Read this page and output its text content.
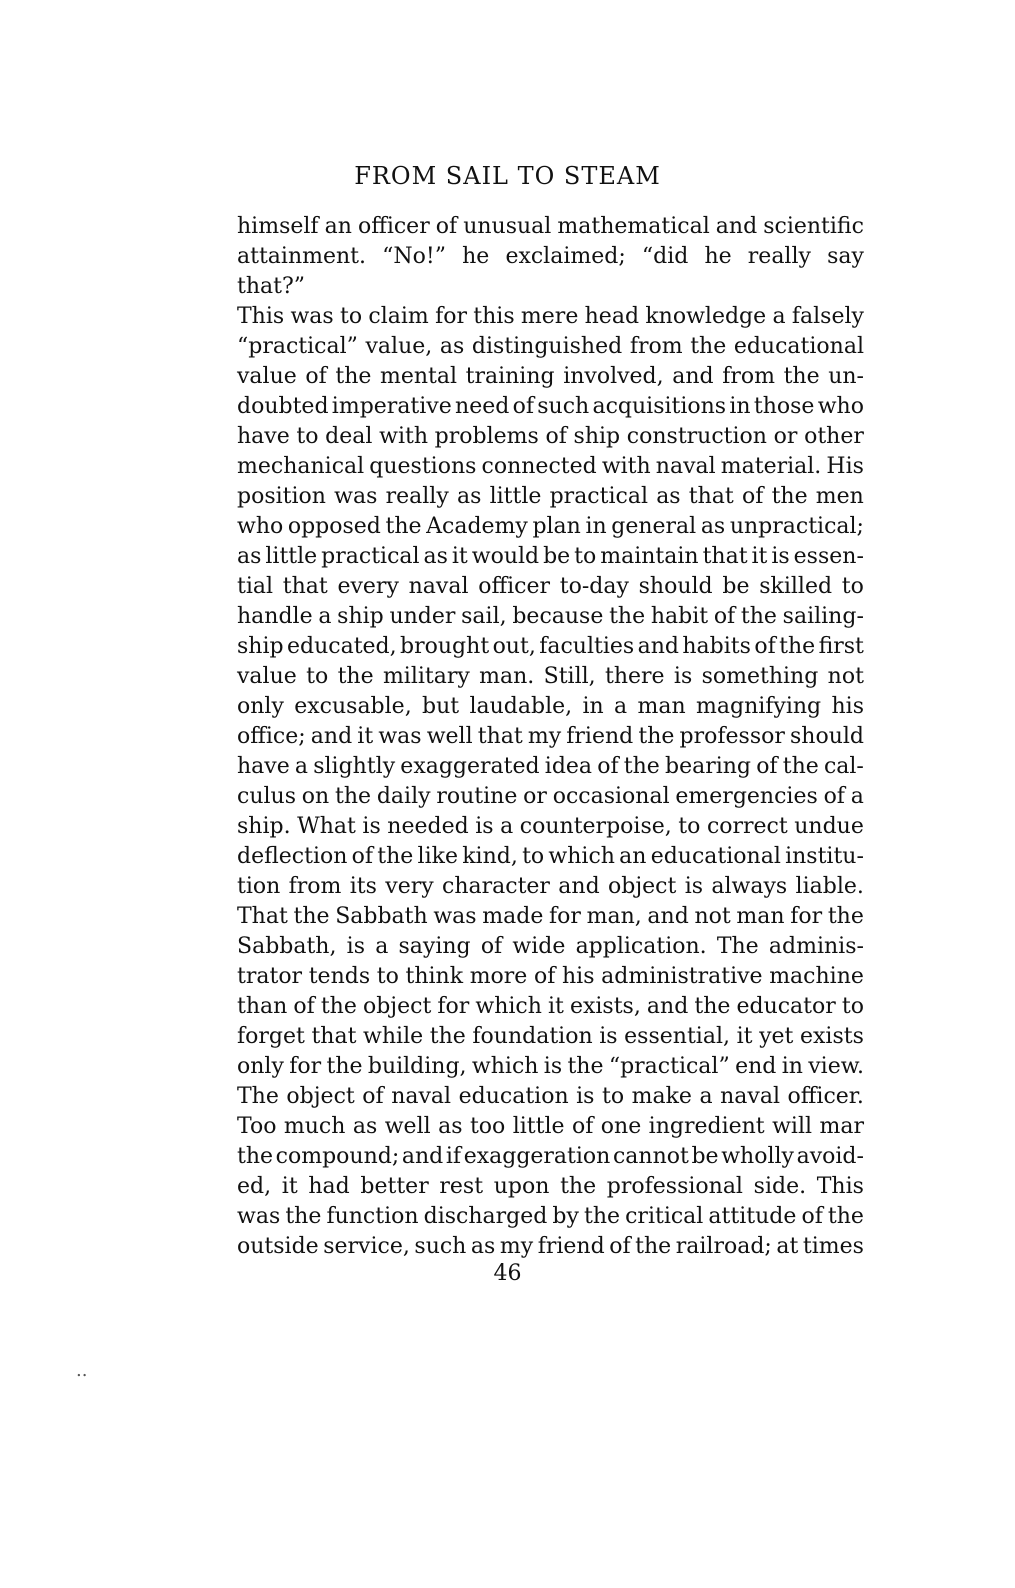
FROM SAIL TO STEAM
himself an officer of unusual mathematical and scientific
attainment. “No!” he exclaimed; “did he really say
that?”
This was to claim for this mere head knowledge a falsely
“practical” value, as distinguished from the educational
value of the mental training involved, and from the un-
doubted imperative need of such acquisitions in those who
have to deal with problems of ship construction or other
mechanical questions connected with naval material. His
position was really as little practical as that of the men
who opposed the Academy plan in general as unpractical;
as little practical as it would be to maintain that it is essen-
tial that every naval officer to-day should be skilled to
handle a ship under sail, because the habit of the sailing-
ship educated, brought out, faculties and habits of the first
value to the military man. Still, there is something not
only excusable, but laudable, in a man magnifying his
office; and it was well that my friend the professor should
have a slightly exaggerated idea of the bearing of the cal-
culus on the daily routine or occasional emergencies of a
ship. What is needed is a counterpoise, to correct undue
deflection of the like kind, to which an educational institu-
tion from its very character and object is always liable.
That the Sabbath was made for man, and not man for the
Sabbath, is a saying of wide application. The adminis-
trator tends to think more of his administrative machine
than of the object for which it exists, and the educator to
forget that while the foundation is essential, it yet exists
only for the building, which is the “practical” end in view.
The object of naval education is to make a naval officer.
Too much as well as too little of one ingredient will mar
the compound; and if exaggeration cannot be wholly avoid-
ed, it had better rest upon the professional side. This
was the function discharged by the critical attitude of the
outside service, such as my friend of the railroad; at times
46
..
